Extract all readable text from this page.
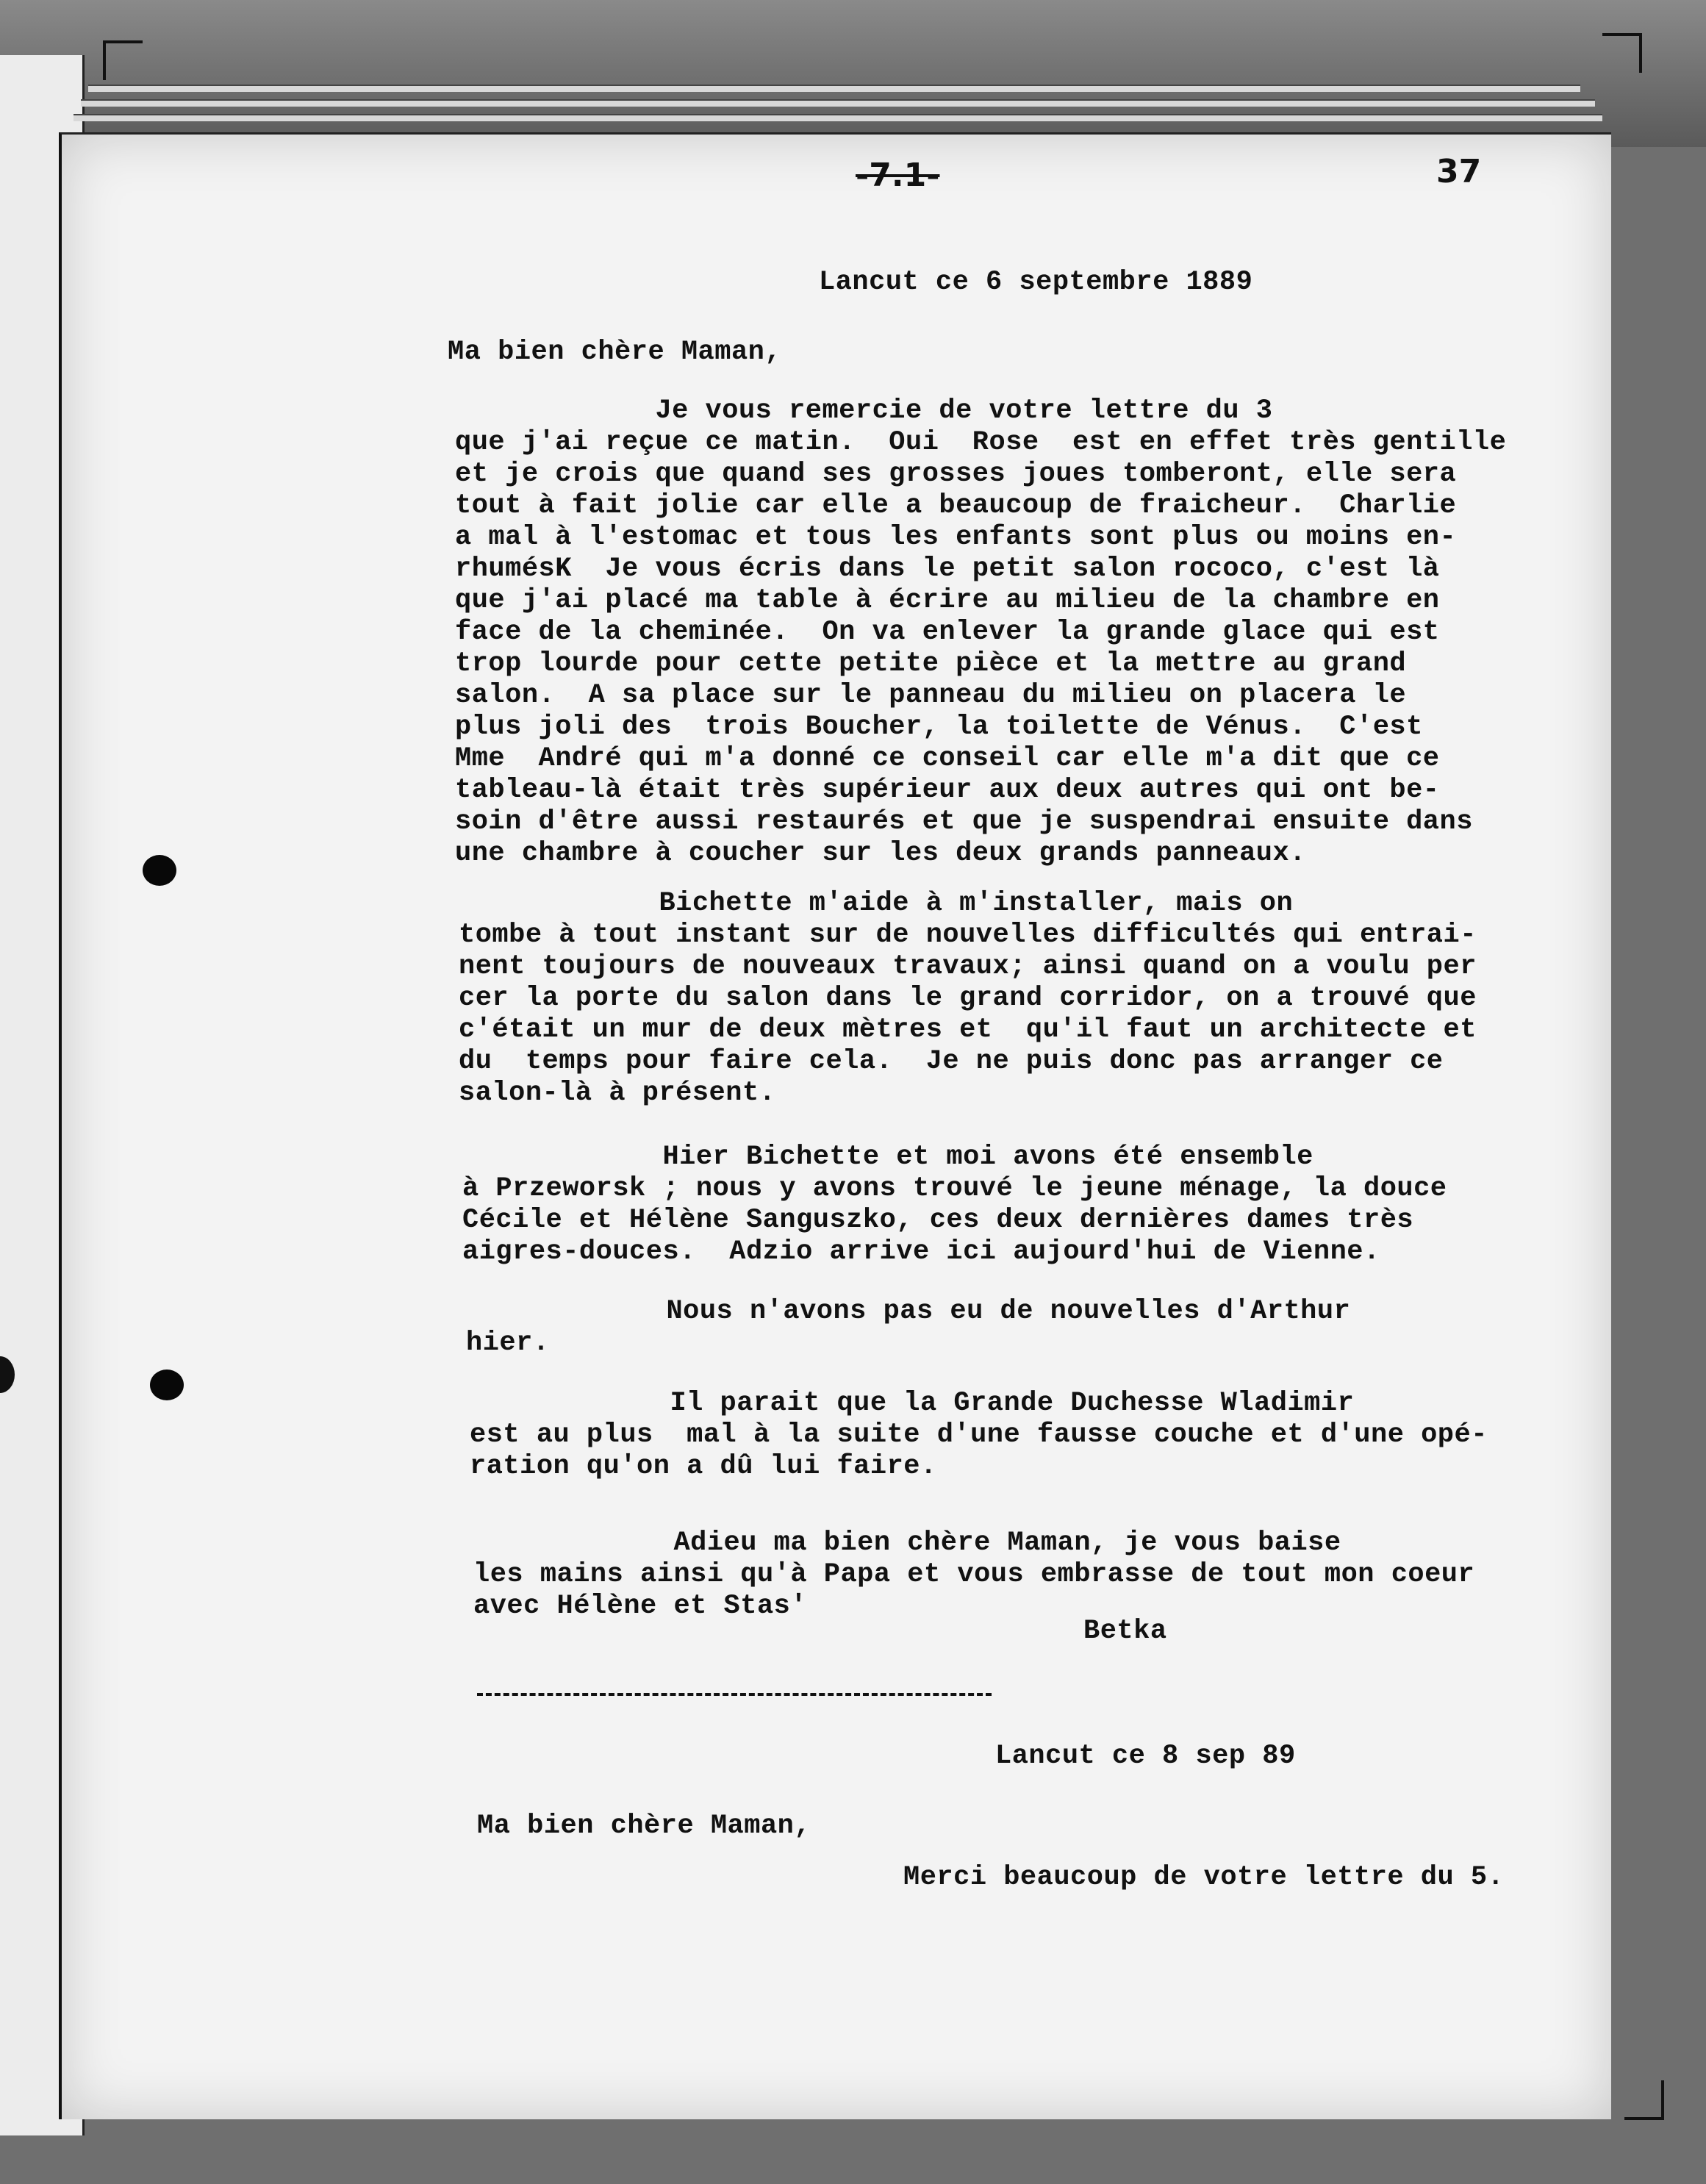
-7.1-	37
Lancut ce 6 septembre 1889
Ma bien chère Maman,
Je vous remercie de votre lettre du 3
que j'ai reçue ce matin.  Oui  Rose  est en effet très gentille
et je crois que quand ses grosses joues tomberont, elle sera
tout à fait jolie car elle a beaucoup de fraicheur.  Charlie
a mal à l'estomac et tous les enfants sont plus ou moins en-
rhumésK  Je vous écris dans le petit salon rococo, c'est là
que j'ai placé ma table à écrire au milieu de la chambre en
face de la cheminée.  On va enlever la grande glace qui est
trop lourde pour cette petite pièce et la mettre au grand
salon.  A sa place sur le panneau du milieu on placera le
plus joli des  trois Boucher, la toilette de Vénus.  C'est
Mme  André qui m'a donné ce conseil car elle m'a dit que ce
tableau-là était très supérieur aux deux autres qui ont be-
soin d'être aussi restaurés et que je suspendrai ensuite dans
une chambre à coucher sur les deux grands panneaux.
Bichette m'aide à m'installer, mais on
tombe à tout instant sur de nouvelles difficultés qui entrai-
nent toujours de nouveaux travaux; ainsi quand on a voulu per
cer la porte du salon dans le grand corridor, on a trouvé que
c'était un mur de deux mètres et  qu'il faut un architecte et
du  temps pour faire cela.  Je ne puis donc pas arranger ce
salon-là à présent.
Hier Bichette et moi avons été ensemble
à Przeworsk ; nous y avons trouvé le jeune ménage, la douce
Cécile et Hélène Sanguszko, ces deux dernières dames très
aigres-douces.  Adzio arrive ici aujourd'hui de Vienne.
Nous n'avons pas eu de nouvelles d'Arthur
hier.
Il parait que la Grande Duchesse Wladimir
est au plus  mal à la suite d'une fausse couche et d'une opé-
ration qu'on a dû lui faire.
Adieu ma bien chère Maman, je vous baise
les mains ainsi qu'à Papa et vous embrasse de tout mon coeur
avec Hélène et Stas'
Betka
Lancut ce 8 sep 89
Ma bien chère Maman,
Merci beaucoup de votre lettre du 5.
